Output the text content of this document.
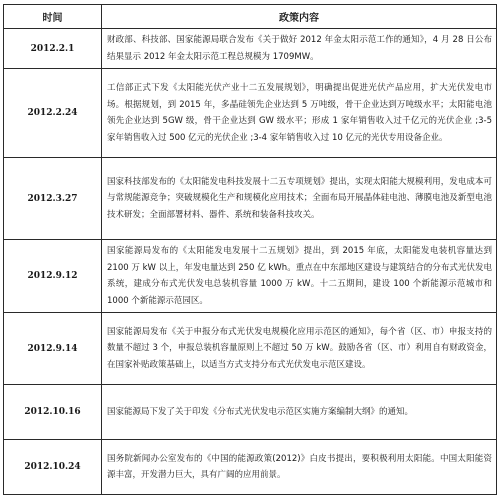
时间	政策内容
2012.2.1	财政部、科技部、国家能源局联合发布《关于做好 2012 年金太阳示范工作的通知》，4 月 28 日公布结果显示 2012 年金太阳示范工程总规模为 1709MW。

2012.2.24	工信部正式下发《太阳能光伏产业十二五发展规划》，明确提出促进光伏产品应用，扩大光伏发电市场。根据规划，到 2015 年，多晶硅领先企业达到 5 万吨级，骨干企业达到万吨级水平；太阳能电池领先企业达到 5GW 级，骨干企业达到 GW 级水平；形成 1 家年销售收入过千亿元的光伏企业 ;3-5 家年销售收入过 500 亿元的光伏企业 ;3-4 家年销售收入过 10 亿元的光伏专用设备企业。

2012.3.27	国家科技部发布的《太阳能发电科技发展十二五专项规划》提出，实现太阳能大规模利用，发电成本可与常规能源竞争；突破规模化生产和规模化应用技术；全面布局开展晶体硅电池、薄膜电池及新型电池技术研发；全面部署材料、器件、系统和装备科技攻关。

2012.9.12	国家能源局发布的《太阳能发电发展十二五规划》提出，到 2015 年底，太阳能发电装机容量达到 2100 万 kW 以上，年发电量达到 250 亿 kWh。重点在中东部地区建设与建筑结合的分布式光伏发电系统，建成分布式光伏发电总装机容量 1000 万 kW。十二五期间，建设 100 个新能源示范城市和 1000 个新能源示范园区。

2012.9.14	国家能源局发布《关于申报分布式光伏发电规模化应用示范区的通知》，每个省（区、市）申报支持的数量不超过 3 个，申报总装机容量原则上不超过 50 万 kW。鼓励各省（区、市）利用自有财政资金，在国家补贴政策基础上，以适当方式支持分布式光伏发电示范区建设。

2012.10.16	国家能源局下发了关于印发《分布式光伏发电示范区实施方案编制大纲》的通知。

2012.10.24	国务院新闻办公室发布的《中国的能源政策(2012)》白皮书提出，要积极利用太阳能。中国太阳能资源丰富，开发潜力巨大，具有广阔的应用前景。
